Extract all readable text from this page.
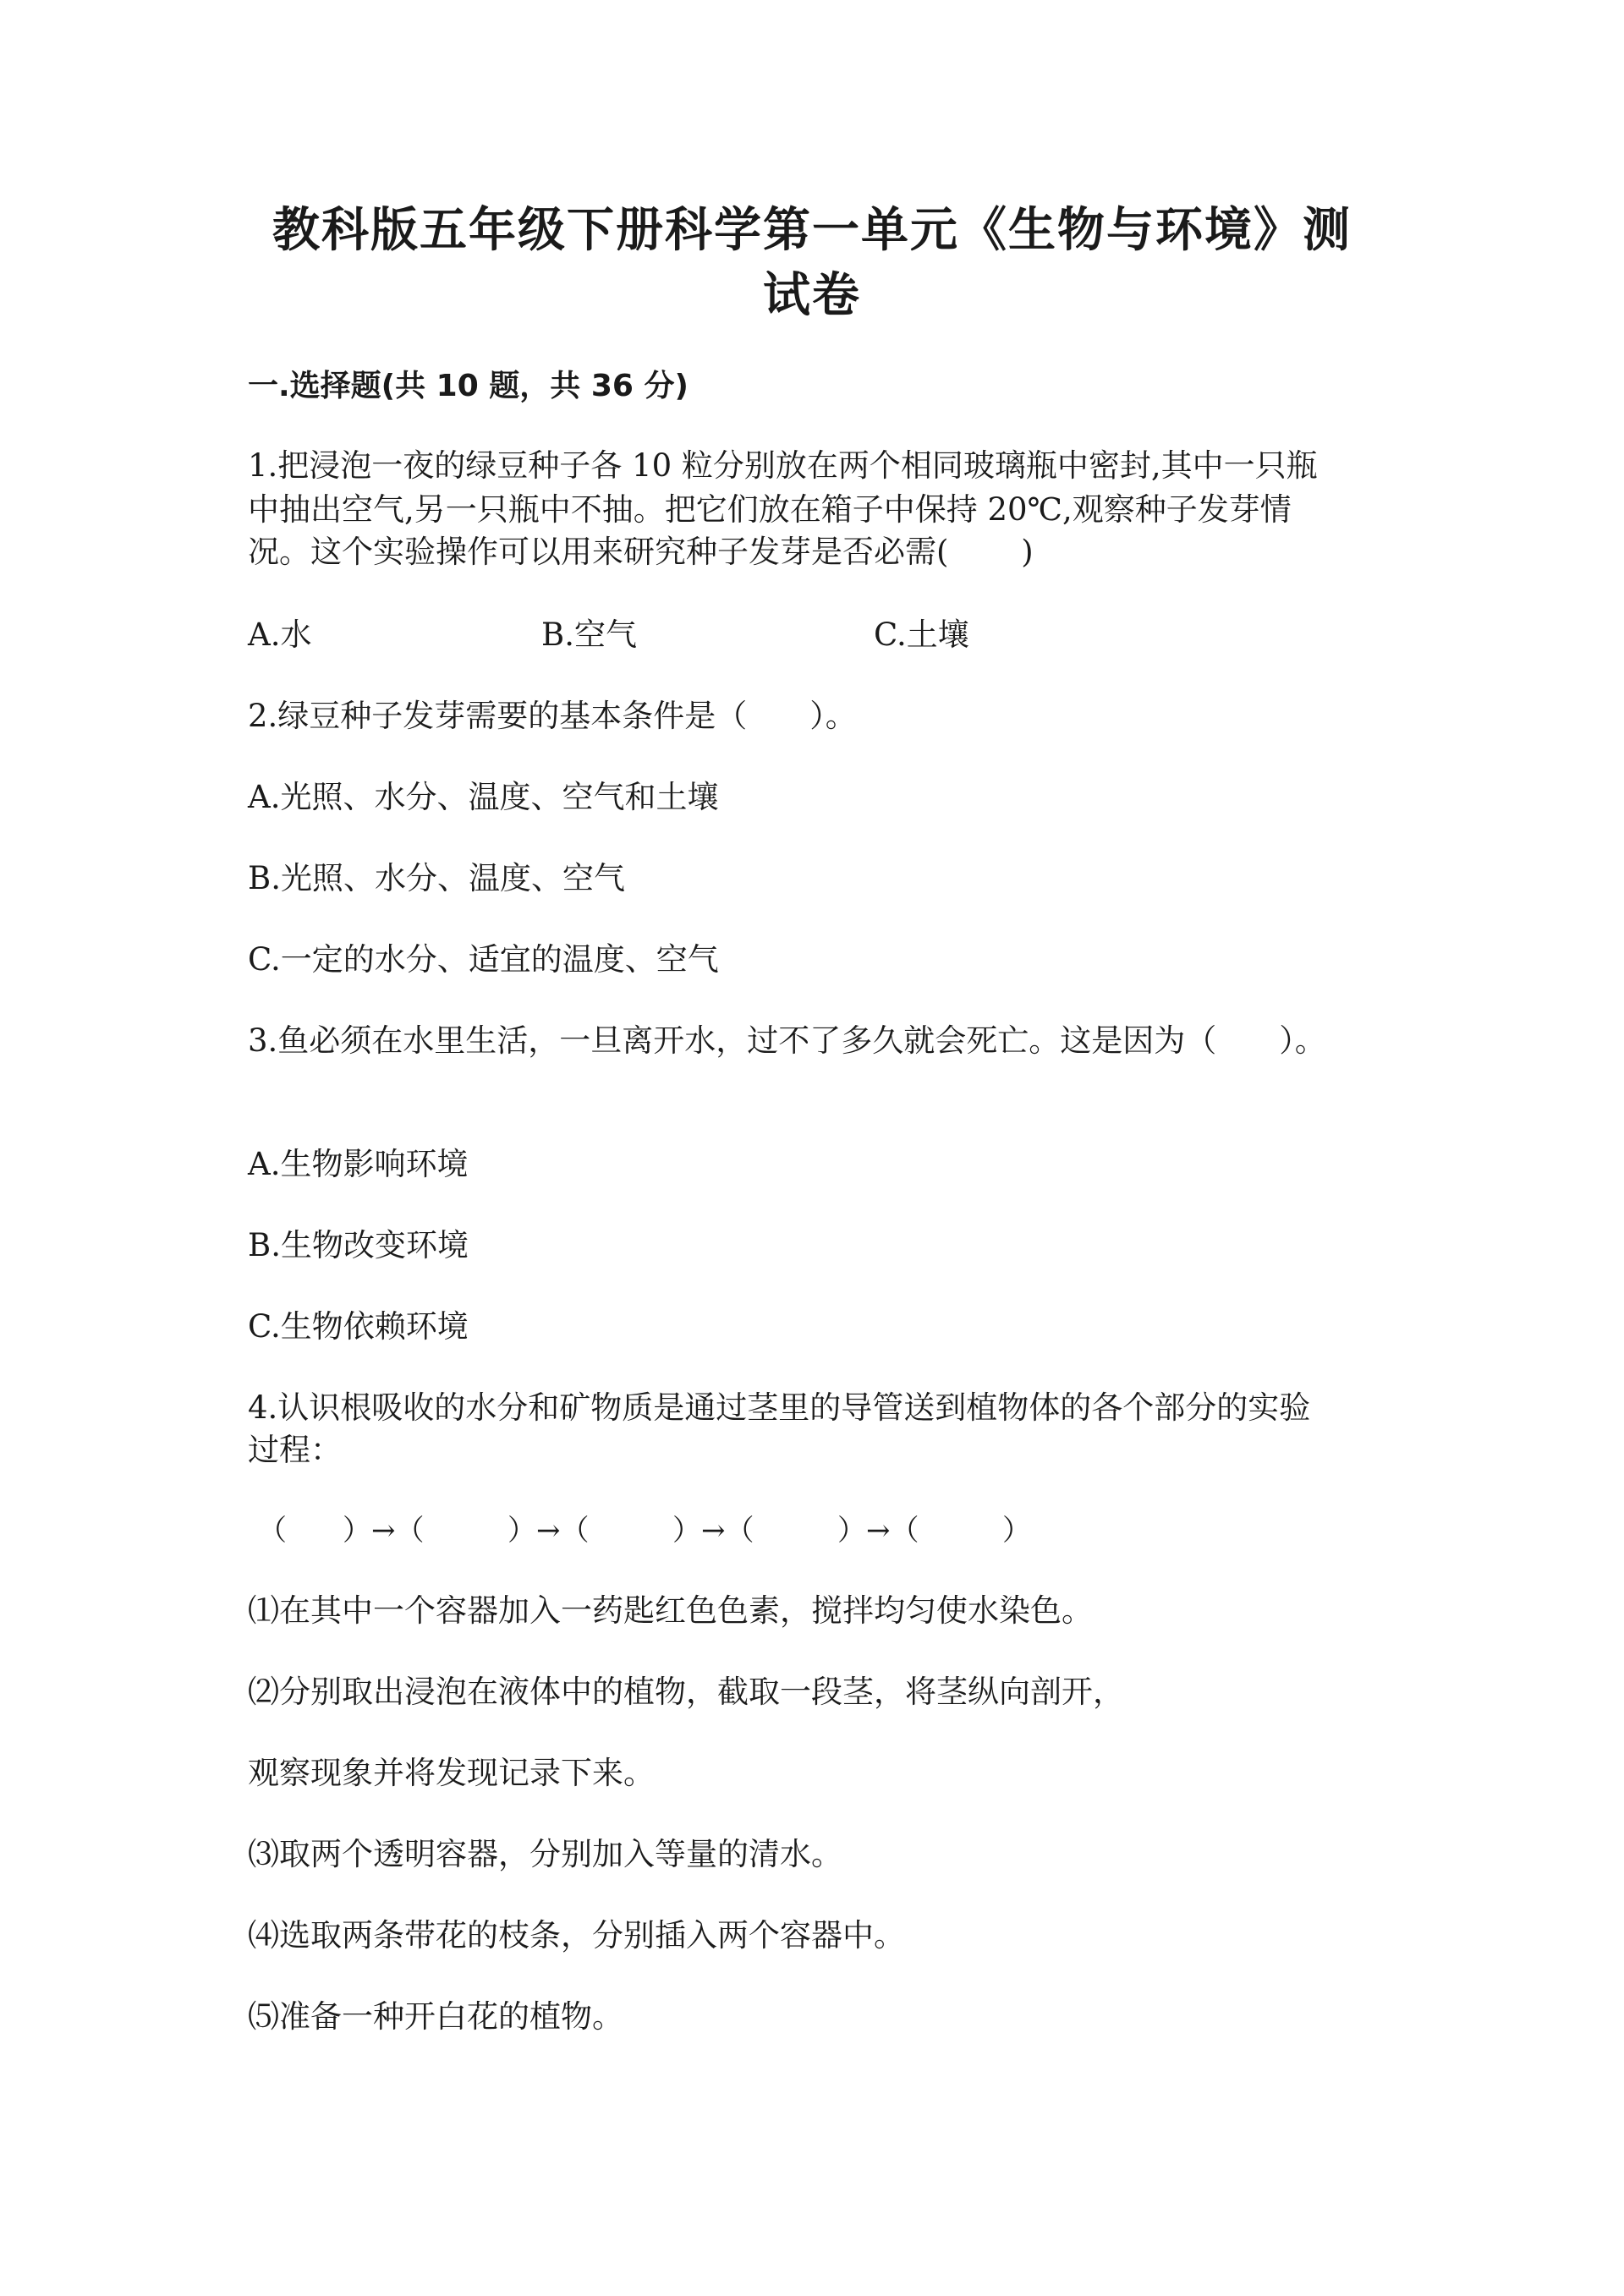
教科版五年级下册科学第一单元《生物与环境》测
试卷
一.选择题(共 10 题，共 36 分)
1.把浸泡一夜的绿豆种子各 10 粒分别放在两个相同玻璃瓶中密封,其中一只瓶
中抽出空气,另一只瓶中不抽。把它们放在箱子中保持 20℃,观察种子发芽情
况。这个实验操作可以用来研究种子发芽是否必需(　　 )
A.水	B.空气	C.土壤
2.绿豆种子发芽需要的基本条件是（　　）。
A.光照、水分、温度、空气和土壤
B.光照、水分、温度、空气
C.一定的水分、适宜的温度、空气
3.鱼必须在水里生活，一旦离开水，过不了多久就会死亡。这是因为（　　）。
A.生物影响环境
B.生物改变环境
C.生物依赖环境
4.认识根吸收的水分和矿物质是通过茎里的导管送到植物体的各个部分的实验
过程：
（ ）→（	）→（	）→（	）→（	）
⑴在其中一个容器加入一药匙红色色素，搅拌均匀使水染色。
⑵分别取出浸泡在液体中的植物，截取一段茎，将茎纵向剖开，
观察现象并将发现记录下来。
⑶取两个透明容器，分别加入等量的清水。
⑷选取两条带花的枝条，分别插入两个容器中。
⑸准备一种开白花的植物。
